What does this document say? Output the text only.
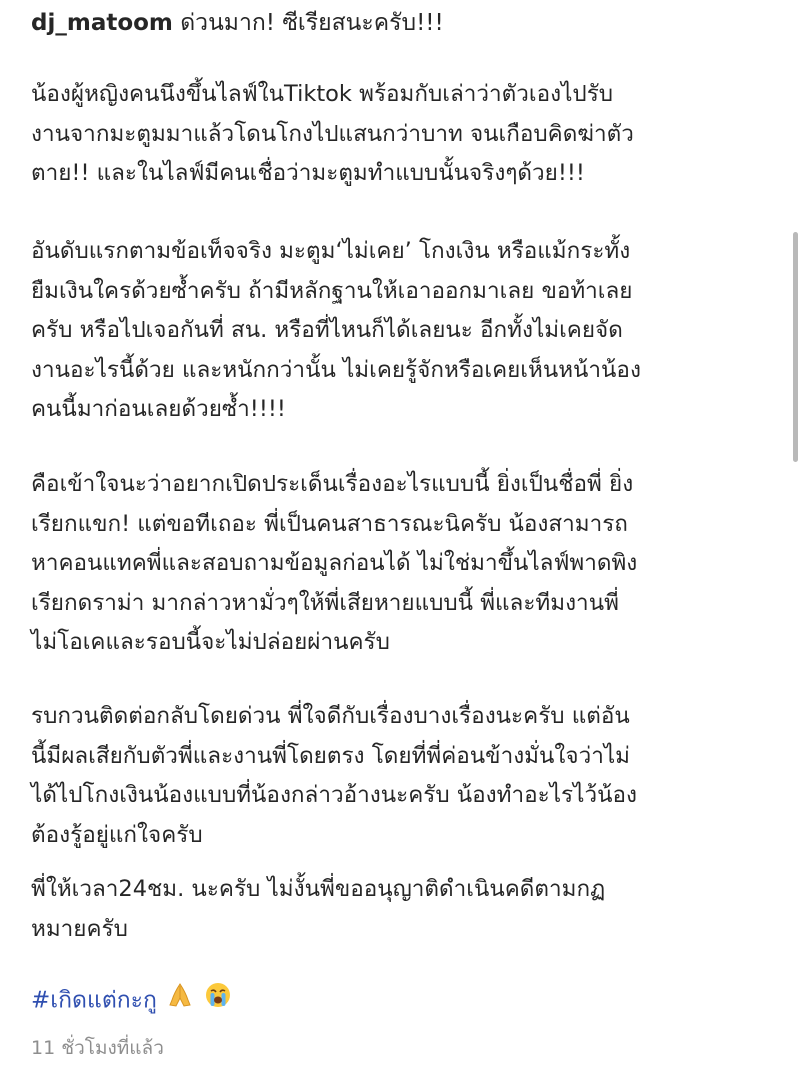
dj_matoom ด่วนมาก! ซีเรียสนะครับ!!!
น้องผู้หญิงคนนึงขึ้นไลฟ์ในTiktok พร้อมกับเล่าว่าตัวเองไปรับ
งานจากมะตูมมาแล้วโดนโกงไปแสนกว่าบาท จนเกือบคิดฆ่าตัว
ตาย!! และในไลฟ์มีคนเชื่อว่ามะตูมทำแบบนั้นจริงๆด้วย!!!
อันดับแรกตามข้อเท็จจริง มะตูม‘ไม่เคย’ โกงเงิน หรือแม้กระทั้ง
ยืมเงินใครด้วยซ้ำครับ ถ้ามีหลักฐานให้เอาออกมาเลย ขอท้าเลย
ครับ หรือไปเจอกันที่ สน. หรือที่ไหนก็ได้เลยนะ อีกทั้งไม่เคยจัด
งานอะไรนี้ด้วย และหนักกว่านั้น ไม่เคยรู้จักหรือเคยเห็นหน้าน้อง
คนนี้มาก่อนเลยด้วยซ้ำ!!!!
คือเข้าใจนะว่าอยากเปิดประเด็นเรื่องอะไรแบบนี้ ยิ่งเป็นชื่อพี่ ยิ่ง
เรียกแขก! แต่ขอทีเถอะ พี่เป็นคนสาธารณะนิครับ น้องสามารถ
หาคอนแทคพี่และสอบถามข้อมูลก่อนได้ ไม่ใช่มาขึ้นไลฟ์พาดพิง
เรียกดราม่า มากล่าวหามั่วๆให้พี่เสียหายแบบนี้ พี่และทีมงานพี่
ไม่โอเคและรอบนี้จะไม่ปล่อยผ่านครับ
รบกวนติดต่อกลับโดยด่วน พี่ใจดีกับเรื่องบางเรื่องนะครับ แต่อัน
นี้มีผลเสียกับตัวพี่และงานพี่โดยตรง โดยที่พี่ค่อนข้างมั่นใจว่าไม่
ได้ไปโกงเงินน้องแบบที่น้องกล่าวอ้างนะครับ น้องทำอะไรไว้น้อง
ต้องรู้อยู่แก่ใจครับ
พี่ให้เวลา24ชม. นะครับ ไม่งั้นพี่ขออนุญาติดำเนินคดีตามกฏ
หมายครับ
#เกิดแต่กะกู
11 ชั่วโมงที่แล้ว
